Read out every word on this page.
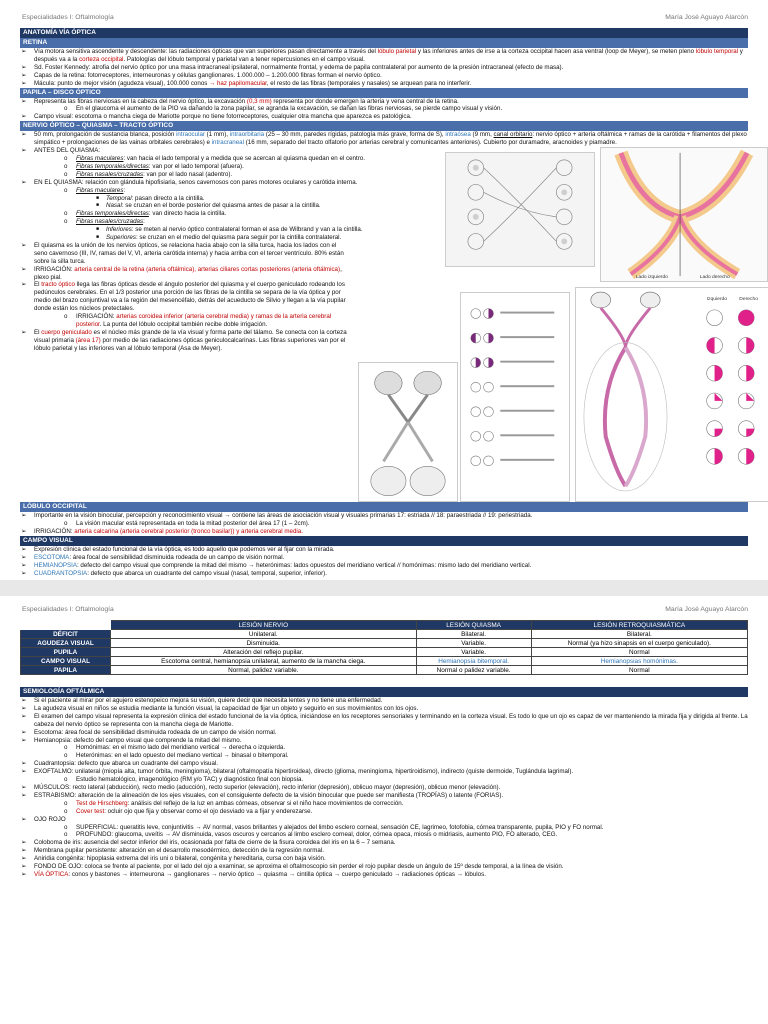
Especialidades I: Oftalmología	María José Aguayo Alarcón
ANATOMÍA VÍA ÓPTICA
RETINA
➢ Vía motora sensitiva ascendente y descendente: las radiaciones ópticas que van superiores pasan directamente a través del lóbulo parietal y las inferiores antes de irse a la corteza occipital hacen asa ventral (loop de Meyer), se meten pleno lóbulo temporal y después va a la corteza occipital. Patologías del lóbulo temporal y parietal van a tener repercusiones en el campo visual.
➢ Sd. Foster Kennedy: atrofia del nervio óptico por una masa intracraneal ipsilateral, normalmente frontal, y edema de papila contralateral por aumento de la presión intracraneal (efecto de masa).
➢ Capas de la retina: fotorreceptores, interneuronas y células ganglionares. 1.000.000 – 1.200.000 fibras forman el nervio óptico.
➢ Mácula: punto de mejor visión (agudeza visual), 100.000 conos → haz papilomacular, el resto de las fibras (temporales y nasales) se arquean para no interferir.
PAPILA – DISCO ÓPTICO
➢ Representa las fibras nerviosas en la cabeza del nervio óptico, la excavación (0,3 mm) representa por donde emergen la arteria y vena central de la retina.
o En el glaucoma el aumento de la PIO va dañando la zona papilar, se agranda la excavación, se dañan las fibras nerviosas, se pierde campo visual y visión.
➢ Campo visual: escotoma o mancha ciega de Mariotte porque no tiene fotorreceptores, cualquier otra mancha que aparezca es patológica.
NERVIO ÓPTICO – QUIASMA – TRACTO ÓPTICO
➢ 50 mm, prolongación de sustancia blanca, posición intraocular (1 mm), intraorbitaria (25 – 30 mm, paredes rígidas, patología más grave, forma de S), intraósea (9 mm, canal orbitario: nervio óptico + arteria oftálmica + ramas de la carótida + filamentos del plexo simpático + prolongaciones de las vainas orbitales cerebrales) e intracraneal (16 mm, separado del tracto olfatorio por arterias cerebral y comunicantes anteriores). Cubierto por duramadre, aracnoides y piamadre.
➢ ANTES DEL QUIASMA:
o Fibras maculares: van hacia el lado temporal y a medida que se acercan al quiasma quedan en el centro.
o Fibras temporales/directas: van por el lado temporal (afuera).
o Fibras nasales/cruzadas: van por el lado nasal (adentro).
➢ EN EL QUIASMA: relación con glándula hipofisiaria, senos cavernosos con pares motores oculares y carótida interna.
o Fibras maculares:
■ Temporal: pasan directo a la cintilla.
■ Nasal: se cruzan en el borde posterior del quiasma antes de pasar a la cintilla.
o Fibras temporales/directas: van directo hacia la cintilla.
o Fibras nasales/cruzadas:
■ Inferiores: se meten al nervio óptico contralateral forman el asa de Wilbrand y van a la cintilla.
■ Superiores: se cruzan en el medio del quiasma para seguir por la cintilla contralateral.
➢ El quiasma es la unión de los nervios ópticos, se relaciona hacia abajo con la silla turca, hacia los lados con el seno cavernoso (III, IV, ramas del V, VI, arteria carótida interna) y hacia arriba con el tercer ventrículo. 80% están sobre la silla turca.
➢ IRRIGACIÓN: arteria central de la retina (arteria oftálmica), arterias ciliares cortas posteriores (arteria oftálmica), plexo pial.
➢ El tracto óptico llega las fibras ópticas desde el ángulo posterior del quiasma y el cuerpo geniculado rodeando los pedúnculos cerebrales. En el 1/3 posterior una porción de las fibras de la cintilla se separa de la vía óptica y por medio del brazo conjuntival va a la región del mesencéfalo, detrás del acueducto de Silvio y llegan a la vía pupilar donde están los núcleos pretectales.
o IRRIGACIÓN: arterias coroidea inferior (arteria cerebral media) y ramas de la arteria cerebral posterior. La punta del lóbulo occipital también recibe doble irrigación.
➢ El cuerpo geniculado es el núcleo más grande de la vía visual y forma parte del tálamo. Se conecta con la corteza visual primaria (área 17) por medio de las radiaciones ópticas geniculocalcarinas. Las fibras superiores van por el lóbulo parietal y las inferiores van al lóbulo temporal (Asa de Meyer).
Lado izquierdo	Lado derecho
Izquierdo Derecho
LÓBULO OCCIPITAL
➢ Importante en la visión binocular, percepción y reconocimiento visual → contiene las áreas de asociación visual y visuales primarias 17: estriada // 18: paraestriada // 19: periestriada.
o La visión macular está representada en toda la mitad posterior del área 17 (1 – 2cm).
➢ IRRIGACIÓN: arteria calcarina (arteria cerebral posterior (tronco basilar)) y arteria cerebral media.
CAMPO VISUAL
➢ Expresión clínica del estado funcional de la vía óptica, es todo aquello que podemos ver al fijar con la mirada.
➢ ESCOTOMA: área focal de sensibilidad disminuida rodeada de un campo de visión normal.
➢ HEMIANOPSIA: defecto del campo visual que comprende la mitad del mismo → heterónimas: lados opuestos del meridiano vertical // homónimas: mismo lado del meridiano vertical.
➢ CUADRANTOPSIA: defecto que abarca un cuadrante del campo visual (nasal, temporal, superior, inferior).
Especialidades I: Oftalmología	María José Aguayo Alarcón
	LESIÓN NERVIO	LESIÓN QUIASMA	LESIÓN RETROQUIASMÁTICA
DÉFICIT	Unilateral.	Bilateral.	Bilateral.
AGUDEZA VISUAL	Disminuida.	Variable.	Normal (ya hizo sinapsis en el cuerpo geniculado).
PUPILA	Alteración del reflejo pupilar.	Variable.	Normal
CAMPO VISUAL	Escotoma central, hemianopsia unilateral, aumento de la mancha ciega.	Hemianopsia bitemporal.	Hemianopsias homónimas.
PAPILA	Normal, palidez variable.	Normal o palidez variable.	Normal
SEMIOLOGÍA OFTÁLMICA
➢ Si el paciente al mirar por el agujero estenopeico mejora su visión, quiere decir que necesita lentes y no tiene una enfermedad.
➢ La agudeza visual en niños se estudia mediante la función visual, la capacidad de fijar un objeto y seguirlo en sus movimientos con los ojos.
➢ El examen del campo visual representa la expresión clínica del estado funcional de la vía óptica, iniciándose en los receptores sensoriales y terminando en la corteza visual. Es todo lo que un ojo es capaz de ver manteniendo la mirada fija y dirigida al frente. La cabeza del nervio óptico se representa con la mancha ciega de Mariotte.
➢ Escotoma: área focal de sensibilidad disminuida rodeada de un campo de visión normal.
➢ Hemianopsia: defecto del campo visual que comprende la mitad del mismo.
o Homónimas: en el mismo lado del meridiano vertical → derecha o izquierda.
o Heterónimas: en el lado opuesto del mediano vertical → binasal o bitemporal.
➢ Cuadrantopsia: defecto que abarca un cuadrante del campo visual.
➢ EXOFTALMO: unilateral (miopía alta, tumor órbita, meningioma), bilateral (oftalmopatía hipertiroidea), directo (glioma, meningioma, hipertiroidismo), indirecto (quiste dermoide, Tuglándula lagrimal).
o Estudio hematológico, imagenológico (RM y/o TAC) y diagnóstico final con biopsia.
➢ MÚSCULOS: recto lateral (abducción), recto medio (aducción), recto superior (elevación), recto inferior (depresión), oblicuo mayor (depresión), oblicuo menor (elevación).
➢ ESTRABISMO: alteración de la alineación de los ejes visuales, con el consiguiente defecto de la visión binocular que puede ser manifiesta (TROPÍAS) o latente (FORIAS).
o Test de Hirschberg: análisis del reflejo de la luz en ambas córneas, observar si el niño hace movimientos de corrección.
o Cover test: ocluir ojo que fija y observar como el ojo desviado va a fijar y enderezarse.
➢ OJO ROJO
o SUPERFICIAL: queratitis leve, conjuntivitis → AV normal, vasos brillantes y alejados del limbo esclero corneal, sensación CE, lagrimeo, fotofobia, córnea transparente, pupila, PIO y FO normal.
o PROFUNDO: glaucoma, uveítis → AV disminuida, vasos oscuros y cercanos al limbo esclero corneal, dolor, córnea opaca, miosis o midriasis, aumento PIO, FO alterado, CEG.
➢ Coloboma de iris: ausencia del sector inferior del iris, ocasionada por falta de cierre de la fisura coroidea del iris en la 6 – 7 semana.
➢ Membrana pupilar persistente: alteración en el desarrollo mesodérmico, detección de la regresión normal.
➢ Aniridia congénita: hipoplasia extrema del iris uni o bilateral, congénita y hereditaria, cursa con baja visión.
➢ FONDO DE OJO: coloca se frente al paciente, por el lado del ojo a examinar, se aproxima el oftalmoscopio sin perder el rojo pupilar desde un ángulo de 15º desde temporal, a la línea de visión.
➢ VÍA ÓPTICA: conos y bastones → interneurona → ganglionares → nervio óptico → quiasma → cintilla óptica → cuerpo geniculado → radiaciones ópticas → lóbulos.
